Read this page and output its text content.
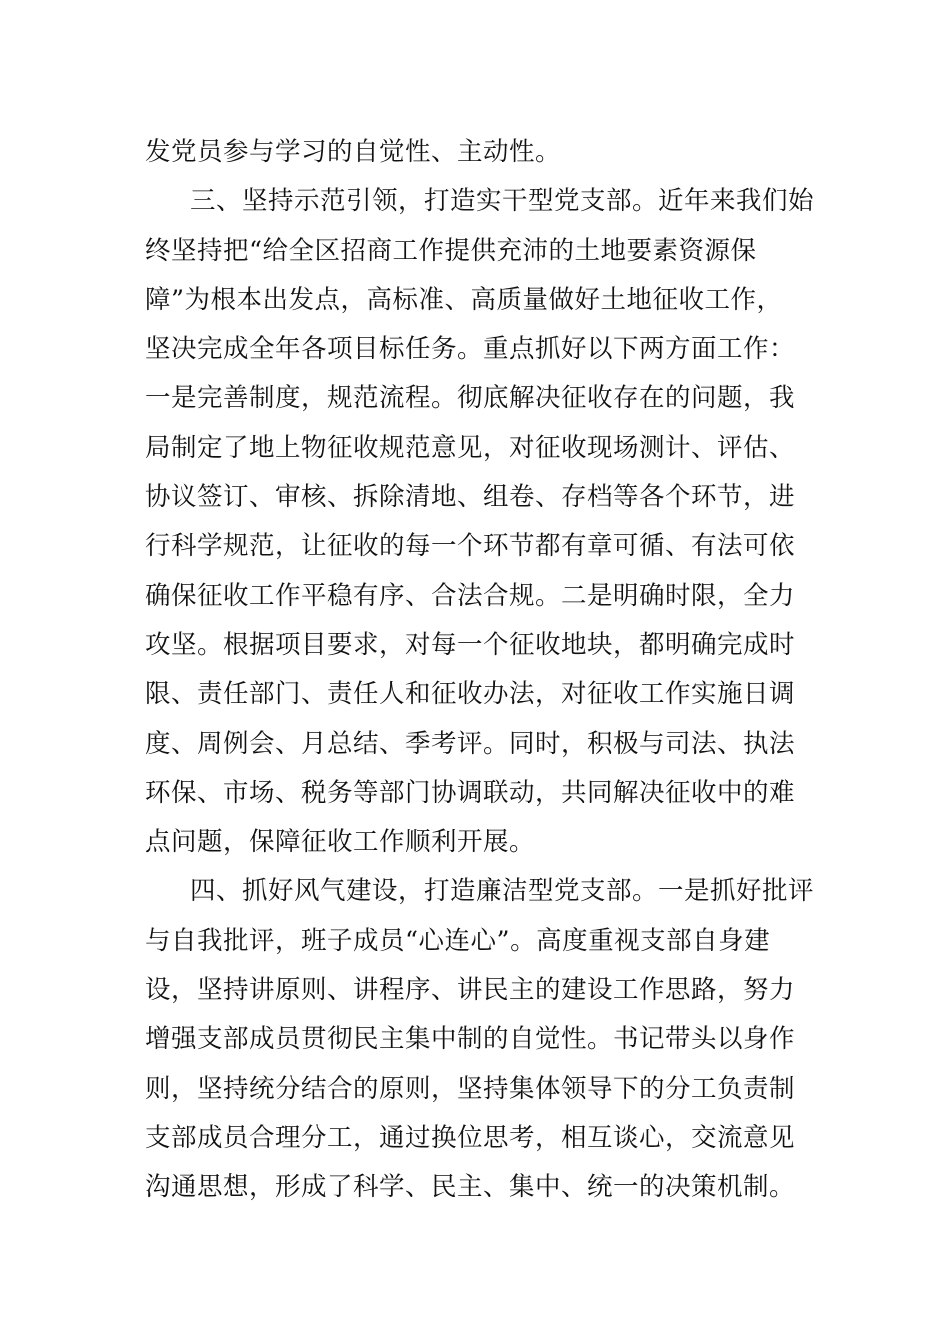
发党员参与学习的自觉性、主动性。
三、坚持示范引领，打造实干型党支部。近年来我们始
终坚持把“给全区招商工作提供充沛的土地要素资源保
障”为根本出发点，高标准、高质量做好土地征收工作，
坚决完成全年各项目标任务。重点抓好以下两方面工作：
一是完善制度，规范流程。彻底解决征收存在的问题，我
局制定了地上物征收规范意见，对征收现场测计、评估、
协议签订、审核、拆除清地、组卷、存档等各个环节，进
行科学规范，让征收的每一个环节都有章可循、有法可依
确保征收工作平稳有序、合法合规。二是明确时限，全力
攻坚。根据项目要求，对每一个征收地块，都明确完成时
限、责任部门、责任人和征收办法，对征收工作实施日调
度、周例会、月总结、季考评。同时，积极与司法、执法
环保、市场、税务等部门协调联动，共同解决征收中的难
点问题，保障征收工作顺利开展。
四、抓好风气建设，打造廉洁型党支部。一是抓好批评
与自我批评，班子成员“心连心”。高度重视支部自身建
设，坚持讲原则、讲程序、讲民主的建设工作思路，努力
增强支部成员贯彻民主集中制的自觉性。书记带头以身作
则，坚持统分结合的原则，坚持集体领导下的分工负责制
支部成员合理分工，通过换位思考，相互谈心，交流意见
沟通思想，形成了科学、民主、集中、统一的决策机制。
